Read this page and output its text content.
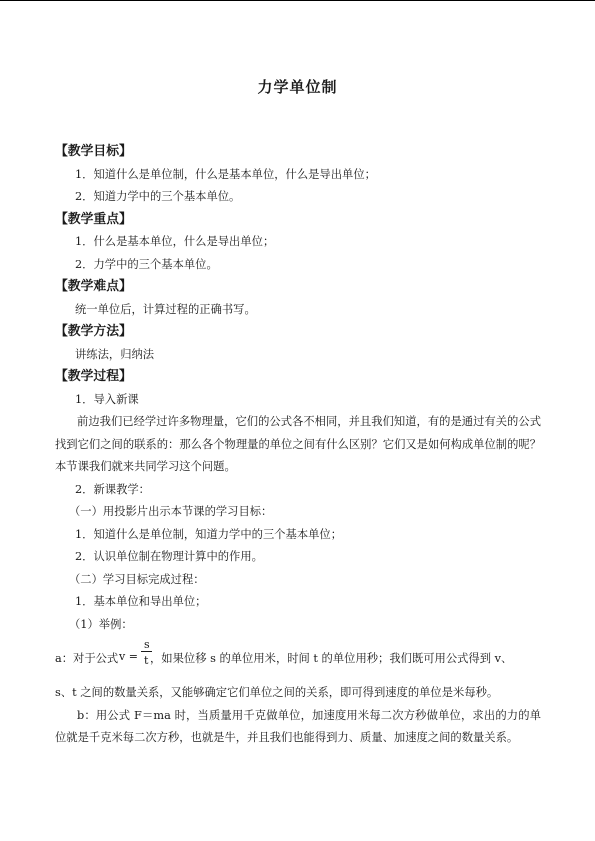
力学单位制
【教学目标】
1．知道什么是单位制，什么是基本单位，什么是导出单位；
2．知道力学中的三个基本单位。
【教学重点】
1．什么是基本单位，什么是导出单位；
2．力学中的三个基本单位。
【教学难点】
统一单位后，计算过程的正确书写。
【教学方法】
讲练法，归纳法
【教学过程】
1．导入新课
前边我们已经学过许多物理量，它们的公式各不相同，并且我们知道，有的是通过有关的公式找到它们之间的联系的：那么各个物理量的单位之间有什么区别？它们又是如何构成单位制的呢？本节课我们就来共同学习这个问题。
2．新课教学：
（一）用投影片出示本节课的学习目标：
1．知道什么是单位制，知道力学中的三个基本单位；
2．认识单位制在物理计算中的作用。
（二）学习目标完成过程：
1．基本单位和导出单位；
（1）举例：
a：对于公式	，如果位移 s 的单位用米，时间 t 的单位用秒；我们既可用公式得到 v、
v =
s
t
s、t 之间的数量关系，又能够确定它们单位之间的关系，即可得到速度的单位是米每秒。
b：用公式 F＝ma 时，当质量用千克做单位，加速度用米每二次方秒做单位，求出的力的单位就是千克米每二次方秒，也就是牛，并且我们也能得到力、质量、加速度之间的数量关系。
